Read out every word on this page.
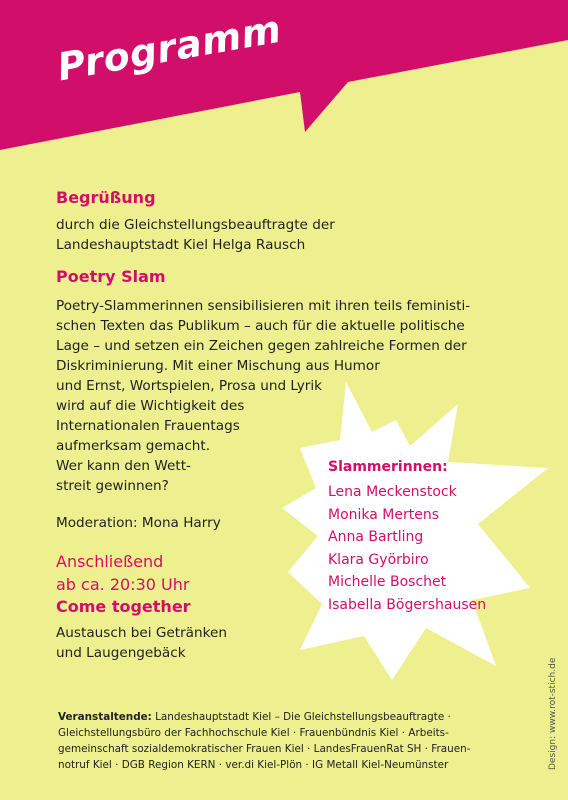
Programm
Begrüßung
durch die Gleichstellungsbeauftragte der
Landeshauptstadt Kiel Helga Rausch
Poetry Slam
Poetry-Slammerinnen sensibilisieren mit ihren teils feministi-
schen Texten das Publikum – auch für die aktuelle politische
Lage – und setzen ein Zeichen gegen zahlreiche Formen der
Diskriminierung. Mit einer Mischung aus Humor
und Ernst, Wortspielen, Prosa und Lyrik
wird auf die Wichtigkeit des
Internationalen Frauentags
aufmerksam gemacht.
Wer kann den Wett-
streit gewinnen?
Moderation: Mona Harry
Anschließend
ab ca. 20:30 Uhr
Come together
Austausch bei Getränken
und Laugengebäck
Slammerinnen:
Lena Meckenstock
Monika Mertens
Anna Bartling
Klara Györbiro
Michelle Boschet
Isabella Bögershausen
Veranstaltende: Landeshauptstadt Kiel – Die Gleichstellungsbeauftragte ·
Gleichstellungsbüro der Fachhochschule Kiel · Frauenbündnis Kiel · Arbeits-
gemeinschaft sozialdemokratischer Frauen Kiel · LandesFrauenRat SH · Frauen-
notruf Kiel · DGB Region KERN · ver.di Kiel-Plön · IG Metall Kiel-Neumünster	Design: www.rot-stich.de
